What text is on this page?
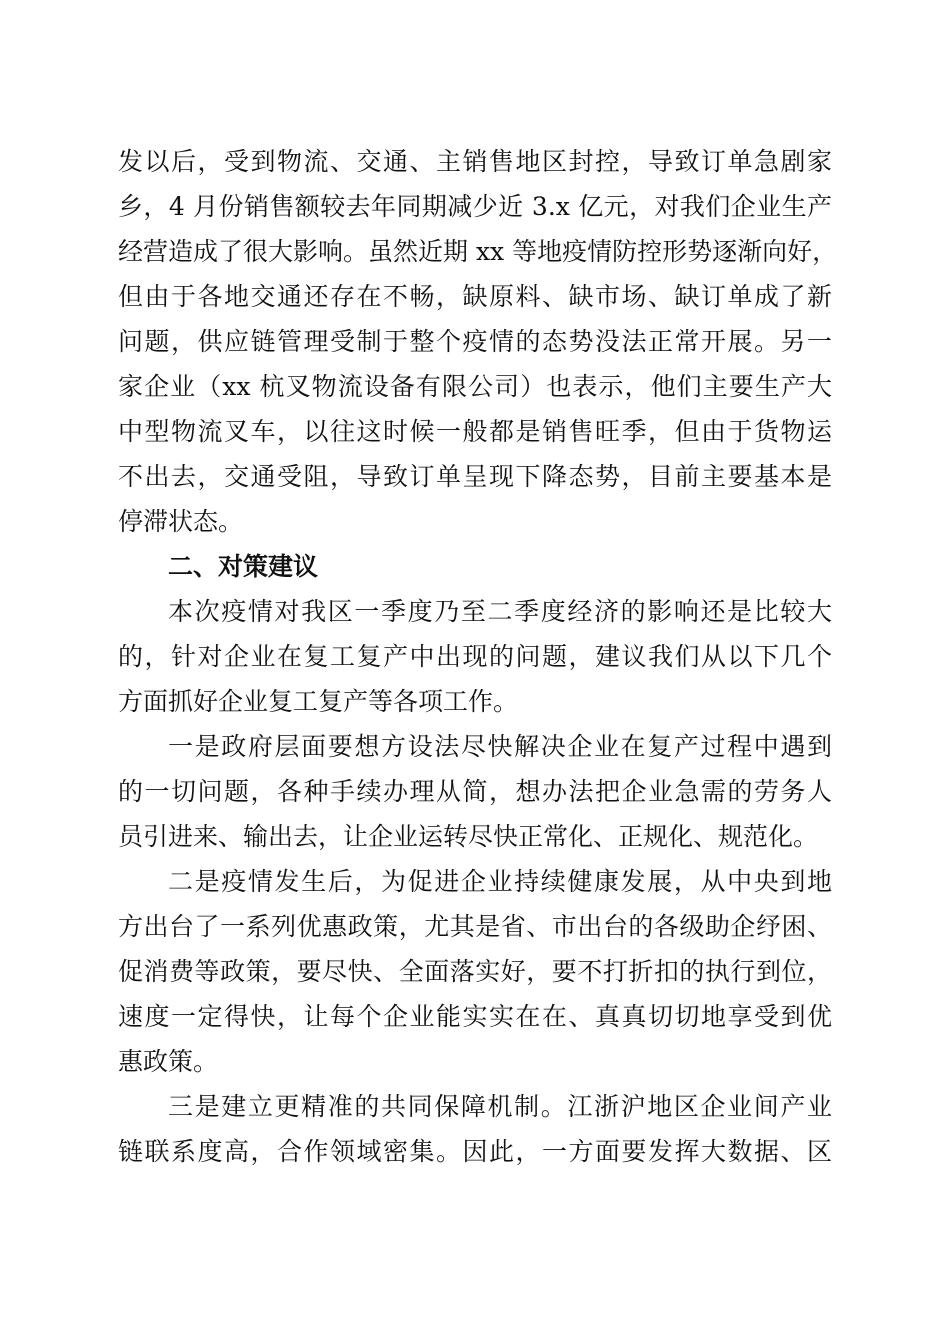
发以后，受到物流、交通、主销售地区封控，导致订单急剧家
乡，4 月份销售额较去年同期减少近 3.x 亿元，对我们企业生产
经营造成了很大影响。虽然近期 xx 等地疫情防控形势逐渐向好，
但由于各地交通还存在不畅，缺原料、缺市场、缺订单成了新
问题，供应链管理受制于整个疫情的态势没法正常开展。另一
家企业（xx 杭叉物流设备有限公司）也表示，他们主要生产大
中型物流叉车，以往这时候一般都是销售旺季，但由于货物运
不出去，交通受阻，导致订单呈现下降态势，目前主要基本是
停滞状态。
二、对策建议
本次疫情对我区一季度乃至二季度经济的影响还是比较大
的，针对企业在复工复产中出现的问题，建议我们从以下几个
方面抓好企业复工复产等各项工作。
一是政府层面要想方设法尽快解决企业在复产过程中遇到
的一切问题，各种手续办理从简，想办法把企业急需的劳务人
员引进来、输出去，让企业运转尽快正常化、正规化、规范化。
二是疫情发生后，为促进企业持续健康发展，从中央到地
方出台了一系列优惠政策，尤其是省、市出台的各级助企纾困、
促消费等政策，要尽快、全面落实好，要不打折扣的执行到位，
速度一定得快，让每个企业能实实在在、真真切切地享受到优
惠政策。
三是建立更精准的共同保障机制。江浙沪地区企业间产业
链联系度高，合作领域密集。因此，一方面要发挥大数据、区
